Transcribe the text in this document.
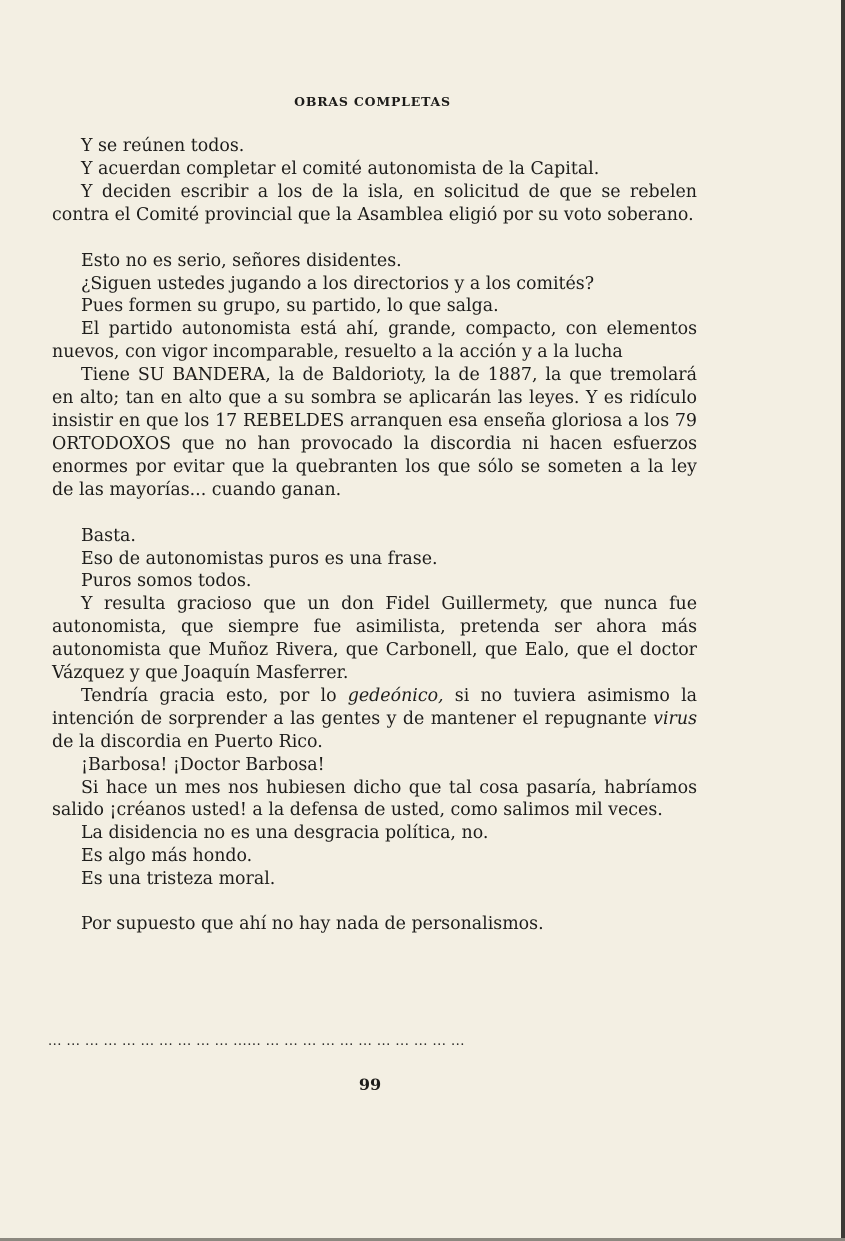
OBRAS COMPLETAS

Y se reúnen todos.

Y acuerdan completar el comité autonomista de la Capital.

Y deciden escribir a los de la isla, en solicitud de que se rebelen contra el Comité provincial que la Asamblea eligió por su voto soberano.

Esto no es serio, señores disidentes.

¿Siguen ustedes jugando a los directorios y a los comités?

Pues formen su grupo, su partido, lo que salga.

El partido autonomista está ahí, grande, compacto, con elementos nuevos, con vigor incomparable, resuelto a la acción y a la lucha

Tiene SU BANDERA, la de Baldorioty, la de 1887, la que tremolará en alto; tan en alto que a su sombra se aplicarán las leyes. Y es ridículo insistir en que los 17 REBELDES arranquen esa enseña gloriosa a los 79 ORTODOXOS que no han provocado la discordia ni hacen esfuerzos enormes por evitar que la quebranten los que sólo se someten a la ley de las mayorías... cuando ganan.

Basta.

Eso de autonomistas puros es una frase.

Puros somos todos.

Y resulta gracioso que un don Fidel Guillermety, que nunca fue autonomista, que siempre fue asimilista, pretenda ser ahora más autonomista que Muñoz Rivera, que Carbonell, que Ealo, que el doctor Vázquez y que Joaquín Masferrer.

Tendría gracia esto, por lo gedeónico, si no tuviera asimismo la intención de sorprender a las gentes y de mantener el repugnante virus de la discordia en Puerto Rico.

¡Barbosa! ¡Doctor Barbosa!

Si hace un mes nos hubiesen dicho que tal cosa pasaría, habríamos salido ¡créanos usted! a la defensa de usted, como salimos mil veces.

La disidencia no es una desgracia política, no.

Es algo más hondo.

Es una tristeza moral.

Por supuesto que ahí no hay nada de personalismos.

... ... ... ... ... ... ... ... ... ... ...... ... ... ... ... ... ... ... ... ... ... ...
99
